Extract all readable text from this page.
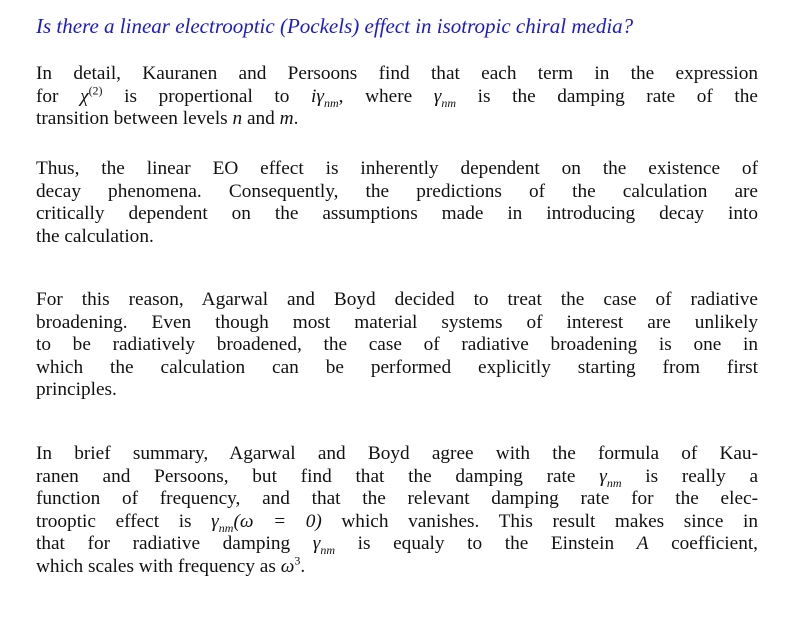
Is there a linear electrooptic (Pockels) effect in isotropic chiral media?

In detail, Kauranen and Persoons find that each term in the expression
for $\chi^{(2)}$ is propertional to $i\gamma_{nm}$, where $\gamma_{nm}$ is the damping rate of the
transition between levels n and m.

Thus, the linear EO effect is inherently dependent on the existence of
decay phenomena. Consequently, the predictions of the calculation are
critically dependent on the assumptions made in introducing decay into
the calculation.

For this reason, Agarwal and Boyd decided to treat the case of radiative
broadening. Even though most material systems of interest are unlikely
to be radiatively broadened, the case of radiative broadening is one in
which the calculation can be performed explicitly starting from first
principles.

In brief summary, Agarwal and Boyd agree with the formula of Kau-
ranen and Persoons, but find that the damping rate $\gamma_{nm}$ is really a
function of frequency, and that the relevant damping rate for the elec-
trooptic effect is $\gamma_{nm}(\omega = 0)$ which vanishes. This result makes since in
that for radiative damping $\gamma_{nm}$ is equaly to the Einstein A coefficient,
which scales with frequency as $\omega^3$.
